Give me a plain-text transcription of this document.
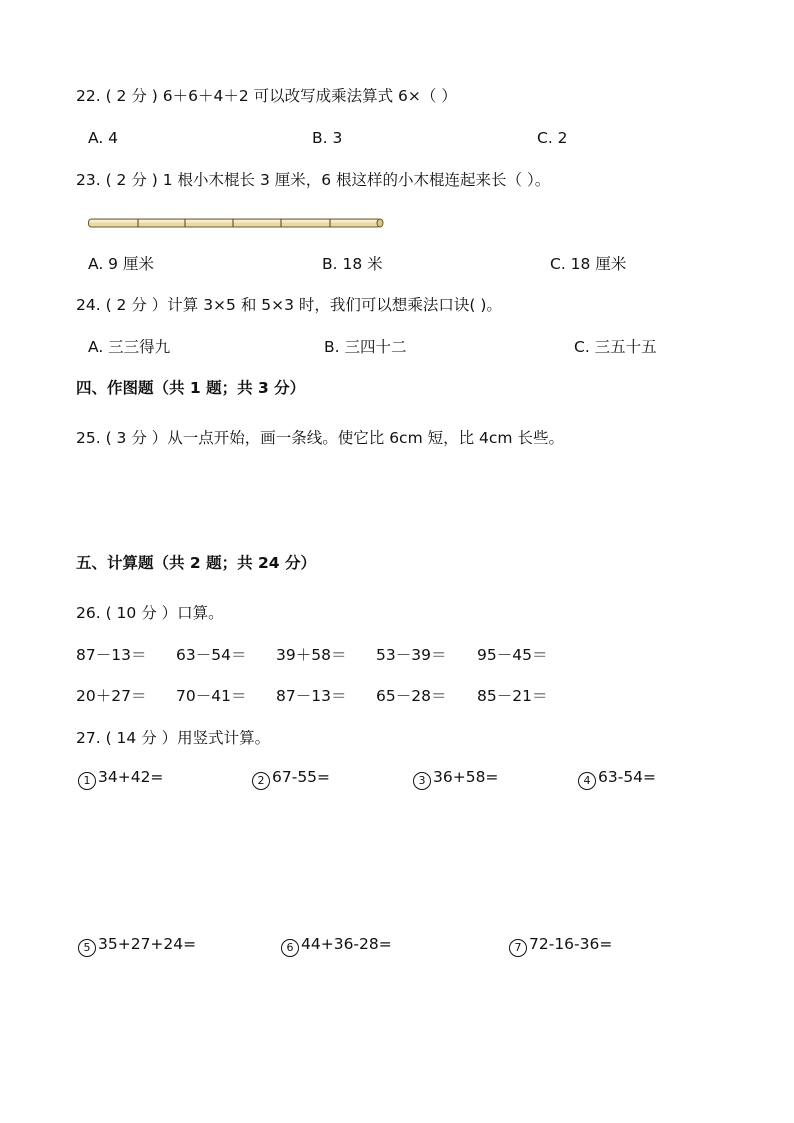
22. ( 2 分 ) 6＋6＋4＋2 可以改写成乘法算式 6×（ ）
A. 4	B. 3	C. 2
23. ( 2 分 ) 1 根小木棍长 3 厘米，6 根这样的小木棍连起来长（ ）。
A. 9 厘米	B. 18 米	C. 18 厘米
24. ( 2 分 ）计算 3×5 和 5×3 时，我们可以想乘法口诀( )。
A. 三三得九	B. 三四十二	C. 三五十五
四、作图题（共 1 题；共 3 分）
25. ( 3 分 ）从一点开始，画一条线。使它比 6cm 短，比 4cm 长些。
五、计算题（共 2 题；共 24 分）
26. ( 10 分 ）口算。
87－13＝ 63－54＝ 39＋58＝ 53－39＝ 95－45＝
20＋27＝ 70－41＝ 87－13＝ 65－28＝ 85－21＝
27. ( 14 分 ）用竖式计算。
1 34+42=	2 67-55=	3 36+58=	4 63-54=
5 35+27+24=	6 44+36-28=	7 72-16-36=
